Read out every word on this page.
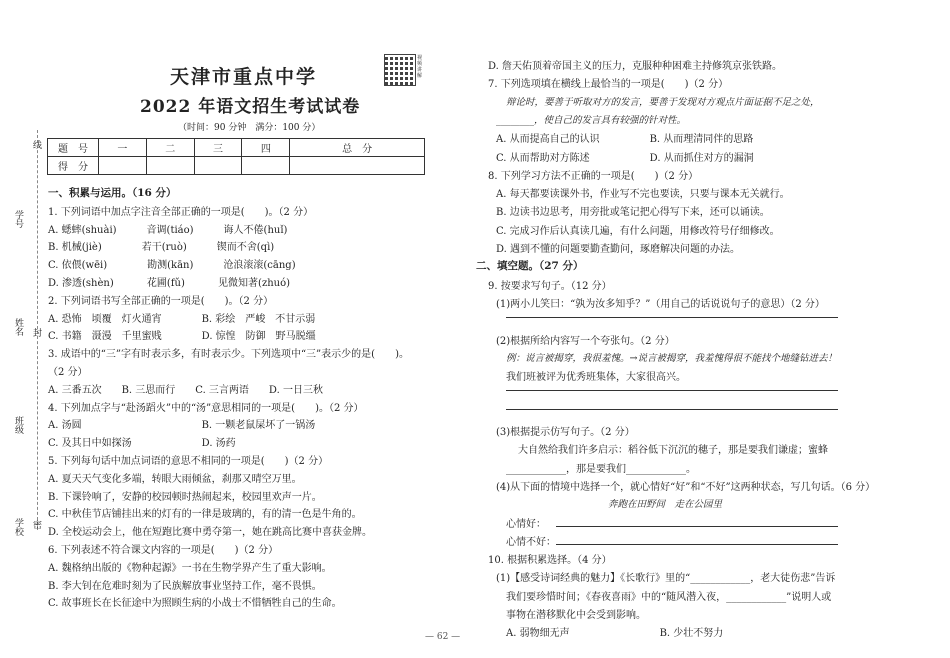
天津市重点中学
2022 年语文招生考试试卷
（时间：90 分钟　满分：100 分）
视频讲解
题　号	一	二	三	四	总　分
得　分					
学号
姓名
班级
学校
线
封
密
一、积累与运用。（16 分）
1. 下列词语中加点字注音全部正确的一项是(　　)。（2 分）
A. 蟋蟀(shuài)　　　音调(tiáo)　　　诲人不倦(huǐ)
B. 机械(jiè)　　　　若干(ruò)　　　锲而不舍(qì)
C. 依偎(wēi)　　　　勘测(kān)　　　沧浪滚滚(cāng)
D. 渗透(shèn)　　　 花圃(fǔ)　　　 见微知著(zhuó)
2. 下列词语书写全部正确的一项是(　　)。（2 分）
A. 恐怖　顷覆　灯火通宵　　　　B. 彩绘　严峻　不甘示弱
C. 书籍　滠漫　千里蜜贱　　　　D. 惊惶　防御　野马脱缰
3. 成语中的“三”字有时表示多，有时表示少。下列选项中“三”表示少的是(　　)。
（2 分）
A. 三番五次　　B. 三思而行　　C. 三言两语　　D. 一日三秋
4. 下列加点字与“赴汤蹈火”中的“汤”意思相同的一项是(　　)。（2 分）
A. 汤圆　　　　　　　　　　　　B. 一颗老鼠屎坏了一锅汤
C. 及其日中如探汤　　　　　　　D. 汤药
5. 下列每句话中加点词语的意思不相同的一项是(　　)（2 分）
A. 夏天天气变化多端，转眼大雨倾盆，刹那又晴空万里。
B. 下课铃响了，安静的校园顿时热闹起来，校园里欢声一片。
C. 中秋佳节店铺挂出来的灯有的一律是玻璃的，有的清一色是牛角的。
D. 全校运动会上，他在短跑比赛中勇夺第一，她在跳高比赛中喜获金牌。
6. 下列表述不符合课文内容的一项是(　　)（2 分）
A. 魏格纳出版的《物种起源》一书在生物学界产生了重大影响。
B. 李大钊在危难时刻为了民族解放事业坚持工作，毫不畏惧。
C. 故事班长在长征途中为照顾生病的小战士不惜牺牲自己的生命。
D. 詹天佑顶着帝国主义的压力，克服种种困难主持修筑京张铁路。
7. 下列选项填在横线上最恰当的一项是(　　)（2 分）
辩论时，要善于听取对方的发言，要善于发现对方观点片面证据不足之处，
________，使自己的发言具有较强的针对性。
A. 从而提高自己的认识　　　　　B. 从而理清同伴的思路
C. 从而帮助对方陈述　　　　　　D. 从而抓住对方的漏洞
8. 下列学习方法不正确的一项是(　　)（2 分）
A. 每天都要读课外书，作业写不完也要读，只要与课本无关就行。
B. 边读书边思考，用旁批或笔记把心得写下来，还可以诵读。
C. 完成习作后认真读几遍，有什么问题，用修改符号仔细修改。
D. 遇到不懂的问题要勤查勤问，琢磨解决问题的办法。
二、填空题。（27 分）
9. 按要求写句子。（12 分）
(1)两小儿笑曰：“孰为汝多知乎？”（用自己的话说说句子的意思）（2 分）
(2)根据所给内容写一个夸张句。（2 分）
例：说言被揭穿，我很羞愧。→说言被揭穿，我羞愧得很不能找个地缝钻进去！
我们班被评为优秀班集体，大家很高兴。
(3)根据提示仿写句子。（2 分）
大自然给我们许多启示：稻谷低下沉沉的穗子，那是要我们谦虚；蜜蜂
____________，那是要我们____________。
(4)从下面的情境中选择一个，就心情好“好”和“不好”这两种状态，写几句话。（6 分）
奔跑在田野间　走在公园里
心情好：
心情不好：
10. 根据积累选择。（4 分）
(1)【感受诗词经典的魅力】《长歌行》里的“____________，老大徒伤悲”告诉
我们要珍惜时间；《春夜喜雨》中的“随风潜入夜，____________”说明人或
事物在潜移默化中会受到影响。
A. 弱物细无声　　　　　　　　　B. 少壮不努力
— 62 —
